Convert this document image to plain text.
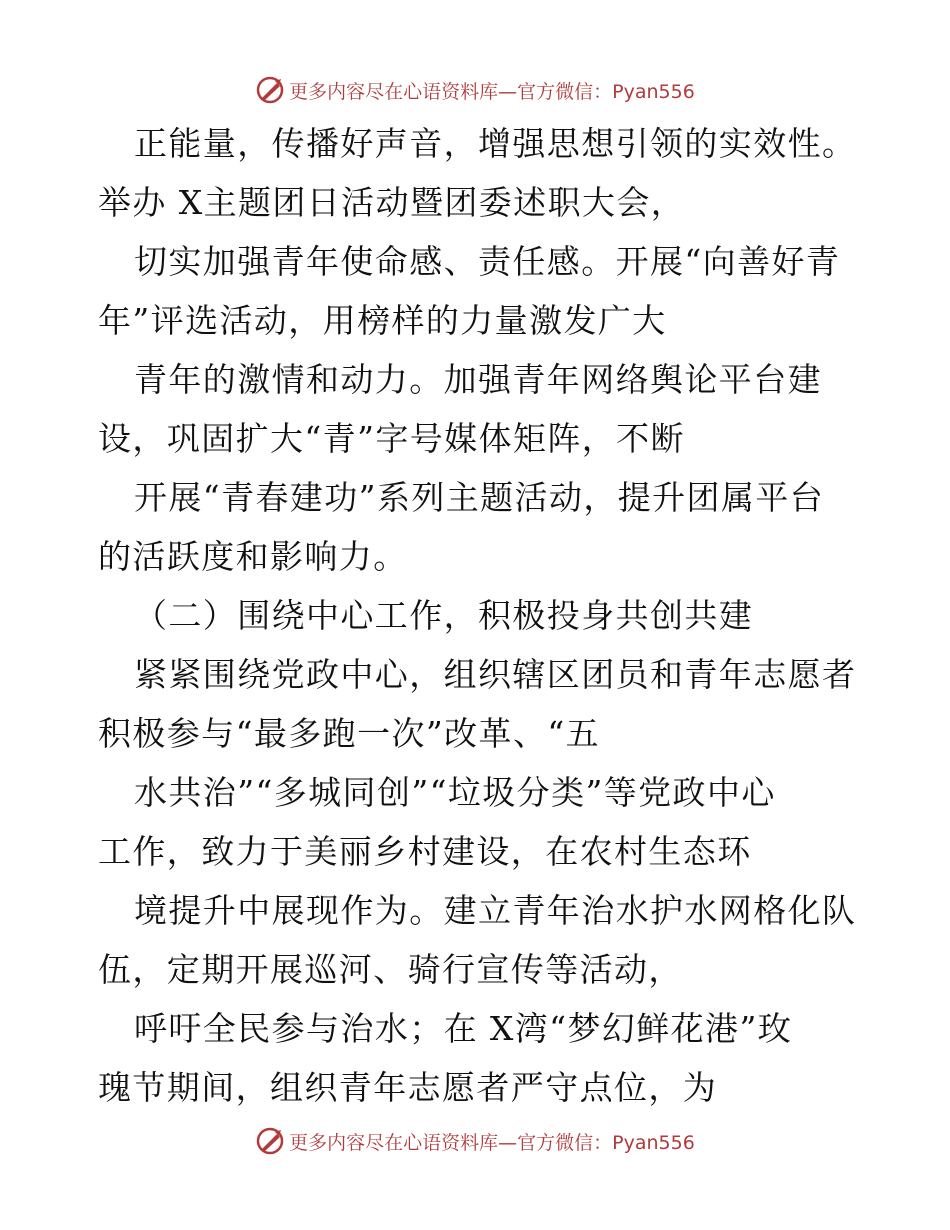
更多内容尽在心语资料库—官方微信：Pyan556
正能量，传播好声音，增强思想引领的实效性。
举办 X主题团日活动暨团委述职大会，
切实加强青年使命感、责任感。开展“向善好青
年”评选活动，用榜样的力量激发广大
青年的激情和动力。加强青年网络舆论平台建
设，巩固扩大“青”字号媒体矩阵，不断
开展“青春建功”系列主题活动，提升团属平台
的活跃度和影响力。
（二）围绕中心工作，积极投身共创共建
紧紧围绕党政中心，组织辖区团员和青年志愿者
积极参与“最多跑一次”改革、“五
水共治”“多城同创”“垃圾分类”等党政中心
工作，致力于美丽乡村建设，在农村生态环
境提升中展现作为。建立青年治水护水网格化队
伍，定期开展巡河、骑行宣传等活动，
呼吁全民参与治水；在 X湾“梦幻鲜花港”玫
瑰节期间，组织青年志愿者严守点位，为
更多内容尽在心语资料库—官方微信：Pyan556
